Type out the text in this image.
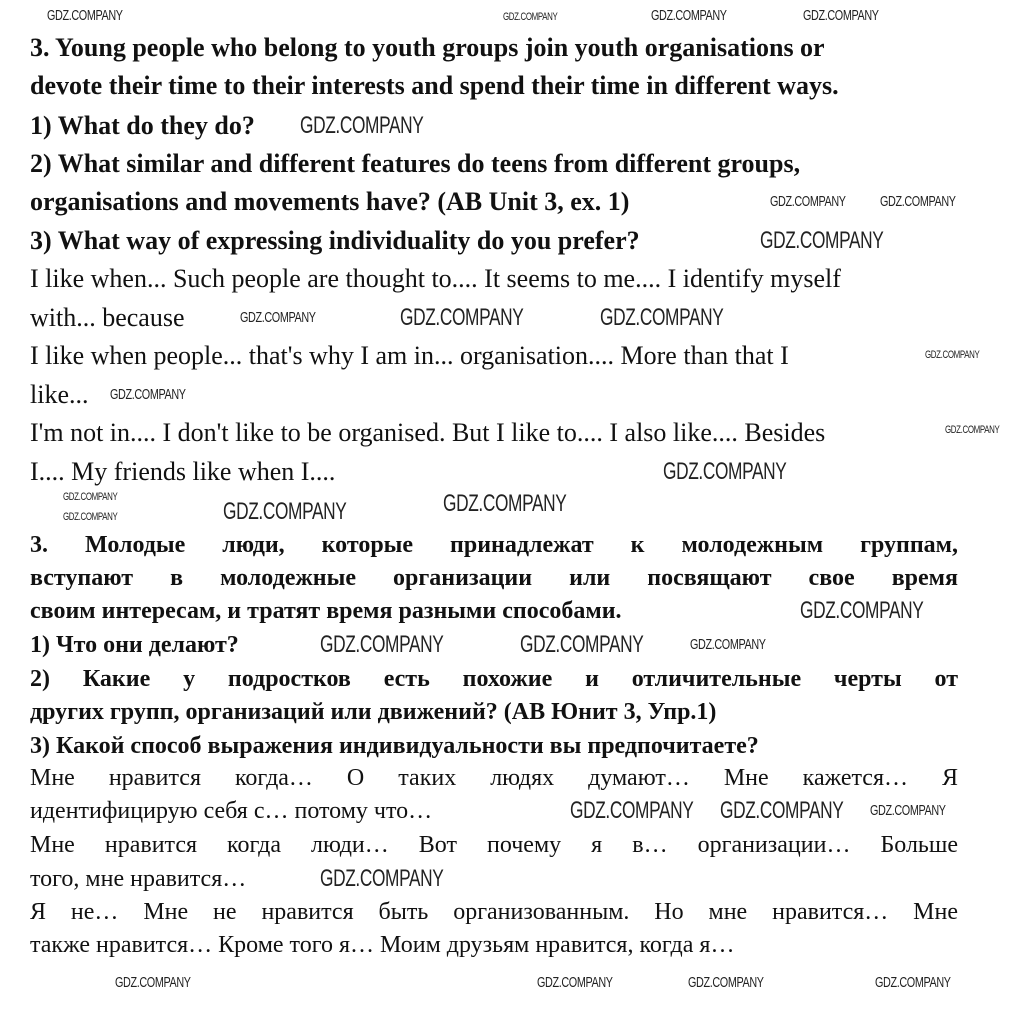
3. Young people who belong to youth groups join youth organisations or
devote their time to their interests and spend their time in different ways.
1) What do they do?
2) What similar and different features do teens from different groups,
organisations and movements have? (AB Unit 3, ex. 1)
3) What way of expressing individuality do you prefer?
I like when... Such people are thought to.... It seems to me.... I identify myself
with... because
I like when people... that's why I am in... organisation.... More than that I
like...
I'm not in.... I don't like to be organised. But I like to.... I also like.... Besides
I.... My friends like when I....
3. Молодые люди, которые принадлежат к молодежным группам,
вступают в молодежные организации или посвящают свое время
своим интересам, и тратят время разными способами.
1) Что они делают?
2) Какие у подростков есть похожие и отличительные черты от
других групп, организаций или движений? (АВ Юнит 3, Упр.1)
3) Какой способ выражения индивидуальности вы предпочитаете?
Мне нравится когда… О таких людях думают… Мне кажется… Я
идентифицирую себя с… потому что…
Мне нравится когда люди… Вот почему я в… организации… Больше
того, мне нравится…
Я не… Мне не нравится быть организованным. Но мне нравится… Мне
также нравится… Кроме того я… Моим друзьям нравится, когда я…
GDZ.COMPANY	GDZ.COMPANY	GDZ.COMPANY	GDZ.COMPANY
GDZ.COMPANY
GDZ.COMPANY GDZ.COMPANY
GDZ.COMPANY
GDZ.COMPANY	GDZ.COMPANY	GDZ.COMPANY
GDZ.COMPANY
GDZ.COMPANY
GDZ.COMPANY
GDZ.COMPANY
GDZ.COMPANY	GDZ.COMPANY
GDZ.COMPANY
GDZ.COMPANY
GDZ.COMPANY
GDZ.COMPANY
GDZ.COMPANY	GDZ.COMPANY
GDZ.COMPANY
GDZ.COMPANY
GDZ.COMPANY
GDZ.COMPANY
GDZ.COMPANY	GDZ.COMPANY	GDZ.COMPANY	GDZ.COMPANY
